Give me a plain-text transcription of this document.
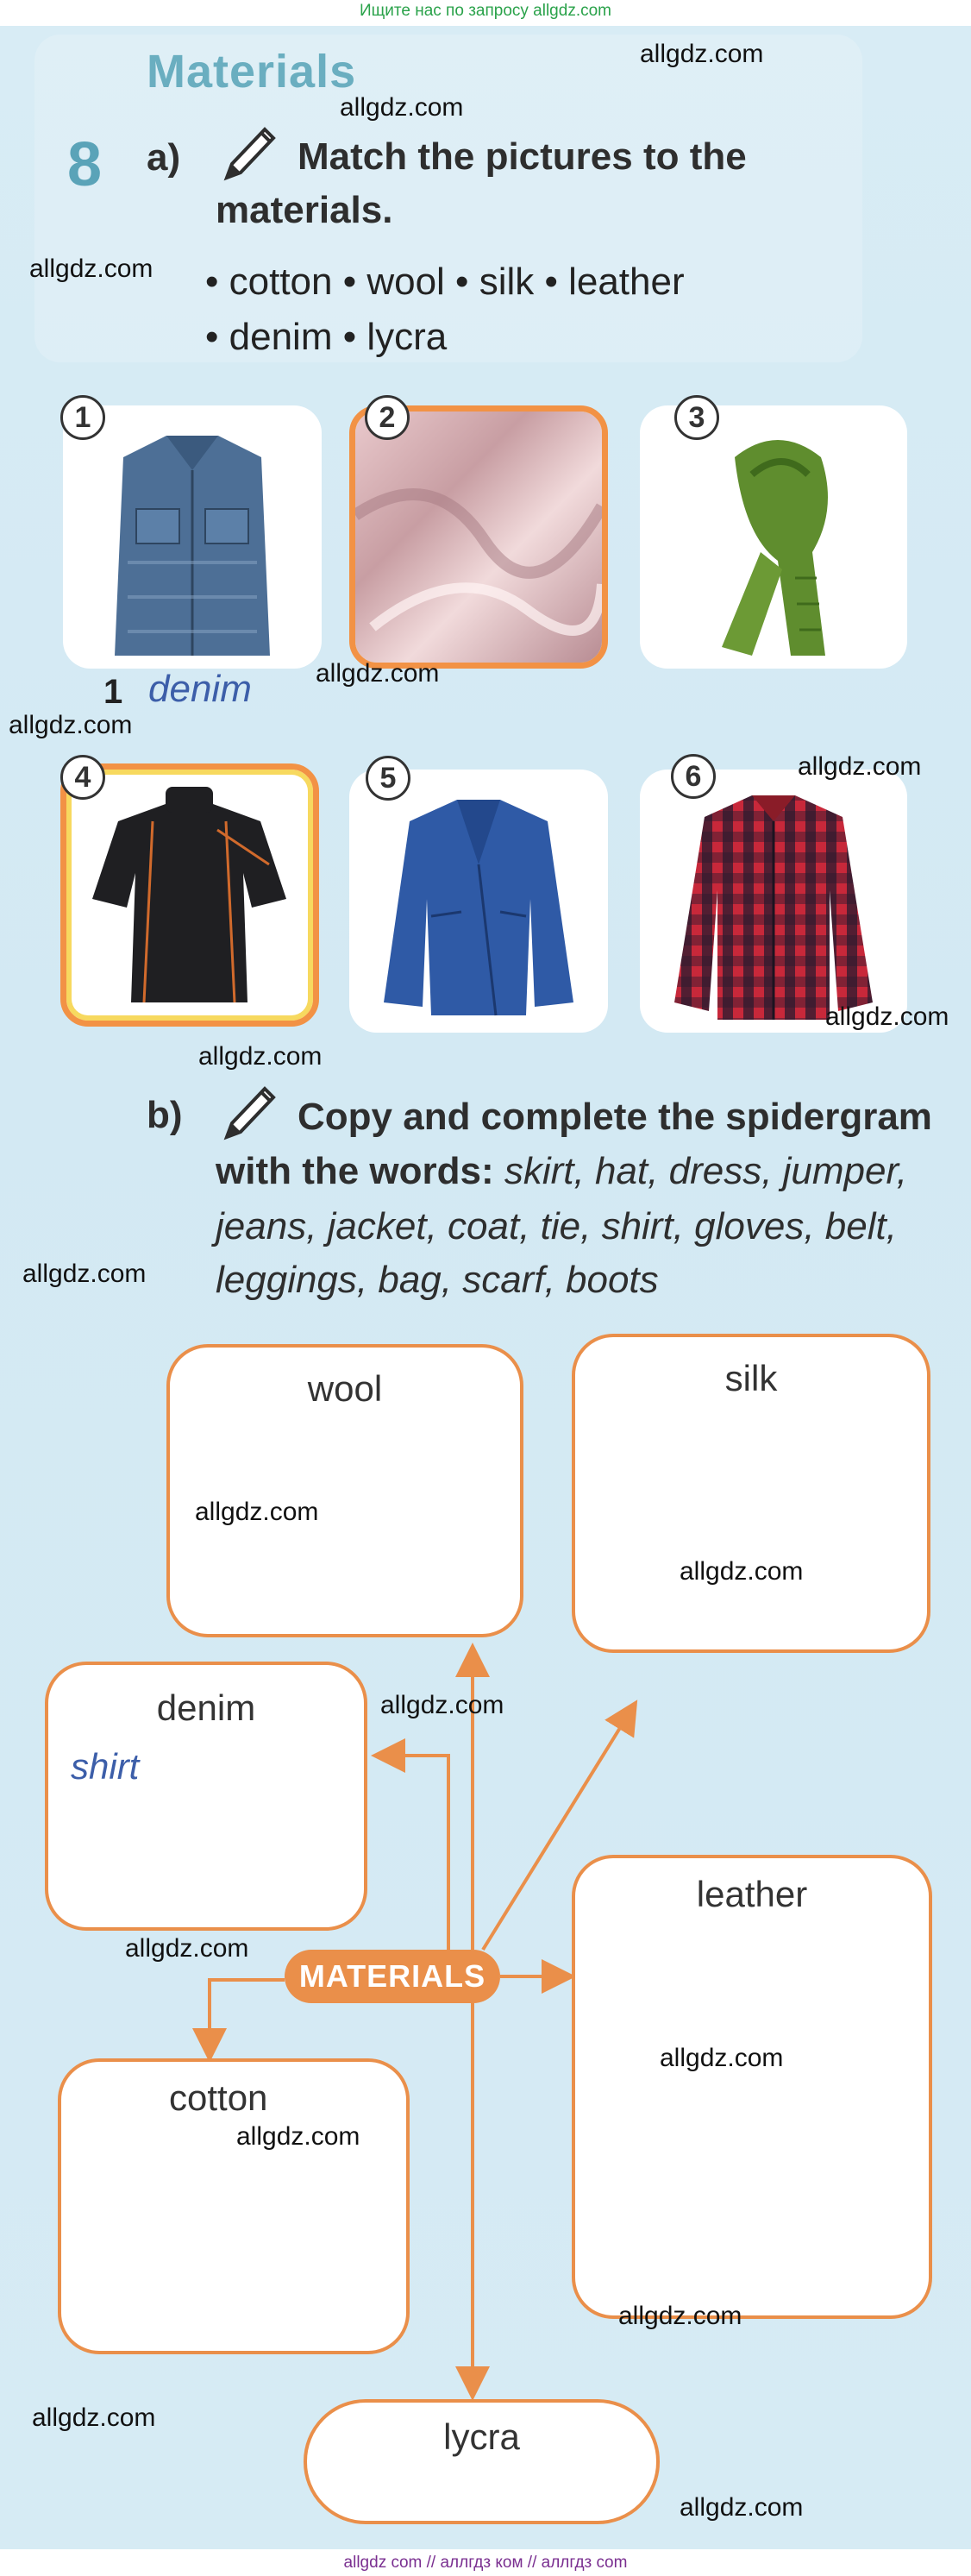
Ищите нас по запросу allgdz.com
Materials
8 a)	Match the pictures to the
materials.
• cotton • wool • silk • leather
• denim • lycra
1	2	3
1 denim
4	5	6
b)	Copy and complete the spidergram
with the words: skirt, hat, dress, jumper,
jeans, jacket, coat, tie, shirt, gloves, belt,
leggings, bag, scarf, boots
wool	silk
denim
shirt
leather
cotton
lycra
MATERIALS
allgdz.com
allgdz.com
allgdz.com
allgdz.com
allgdz.com
allgdz.com
allgdz.com
allgdz.com
allgdz.com
allgdz.com
allgdz.com
allgdz.com
allgdz.com
allgdz.com
allgdz.com
allgdz.com
allgdz.com
allgdz.com
allgdz com // аллгдз ком // аллгдз com
